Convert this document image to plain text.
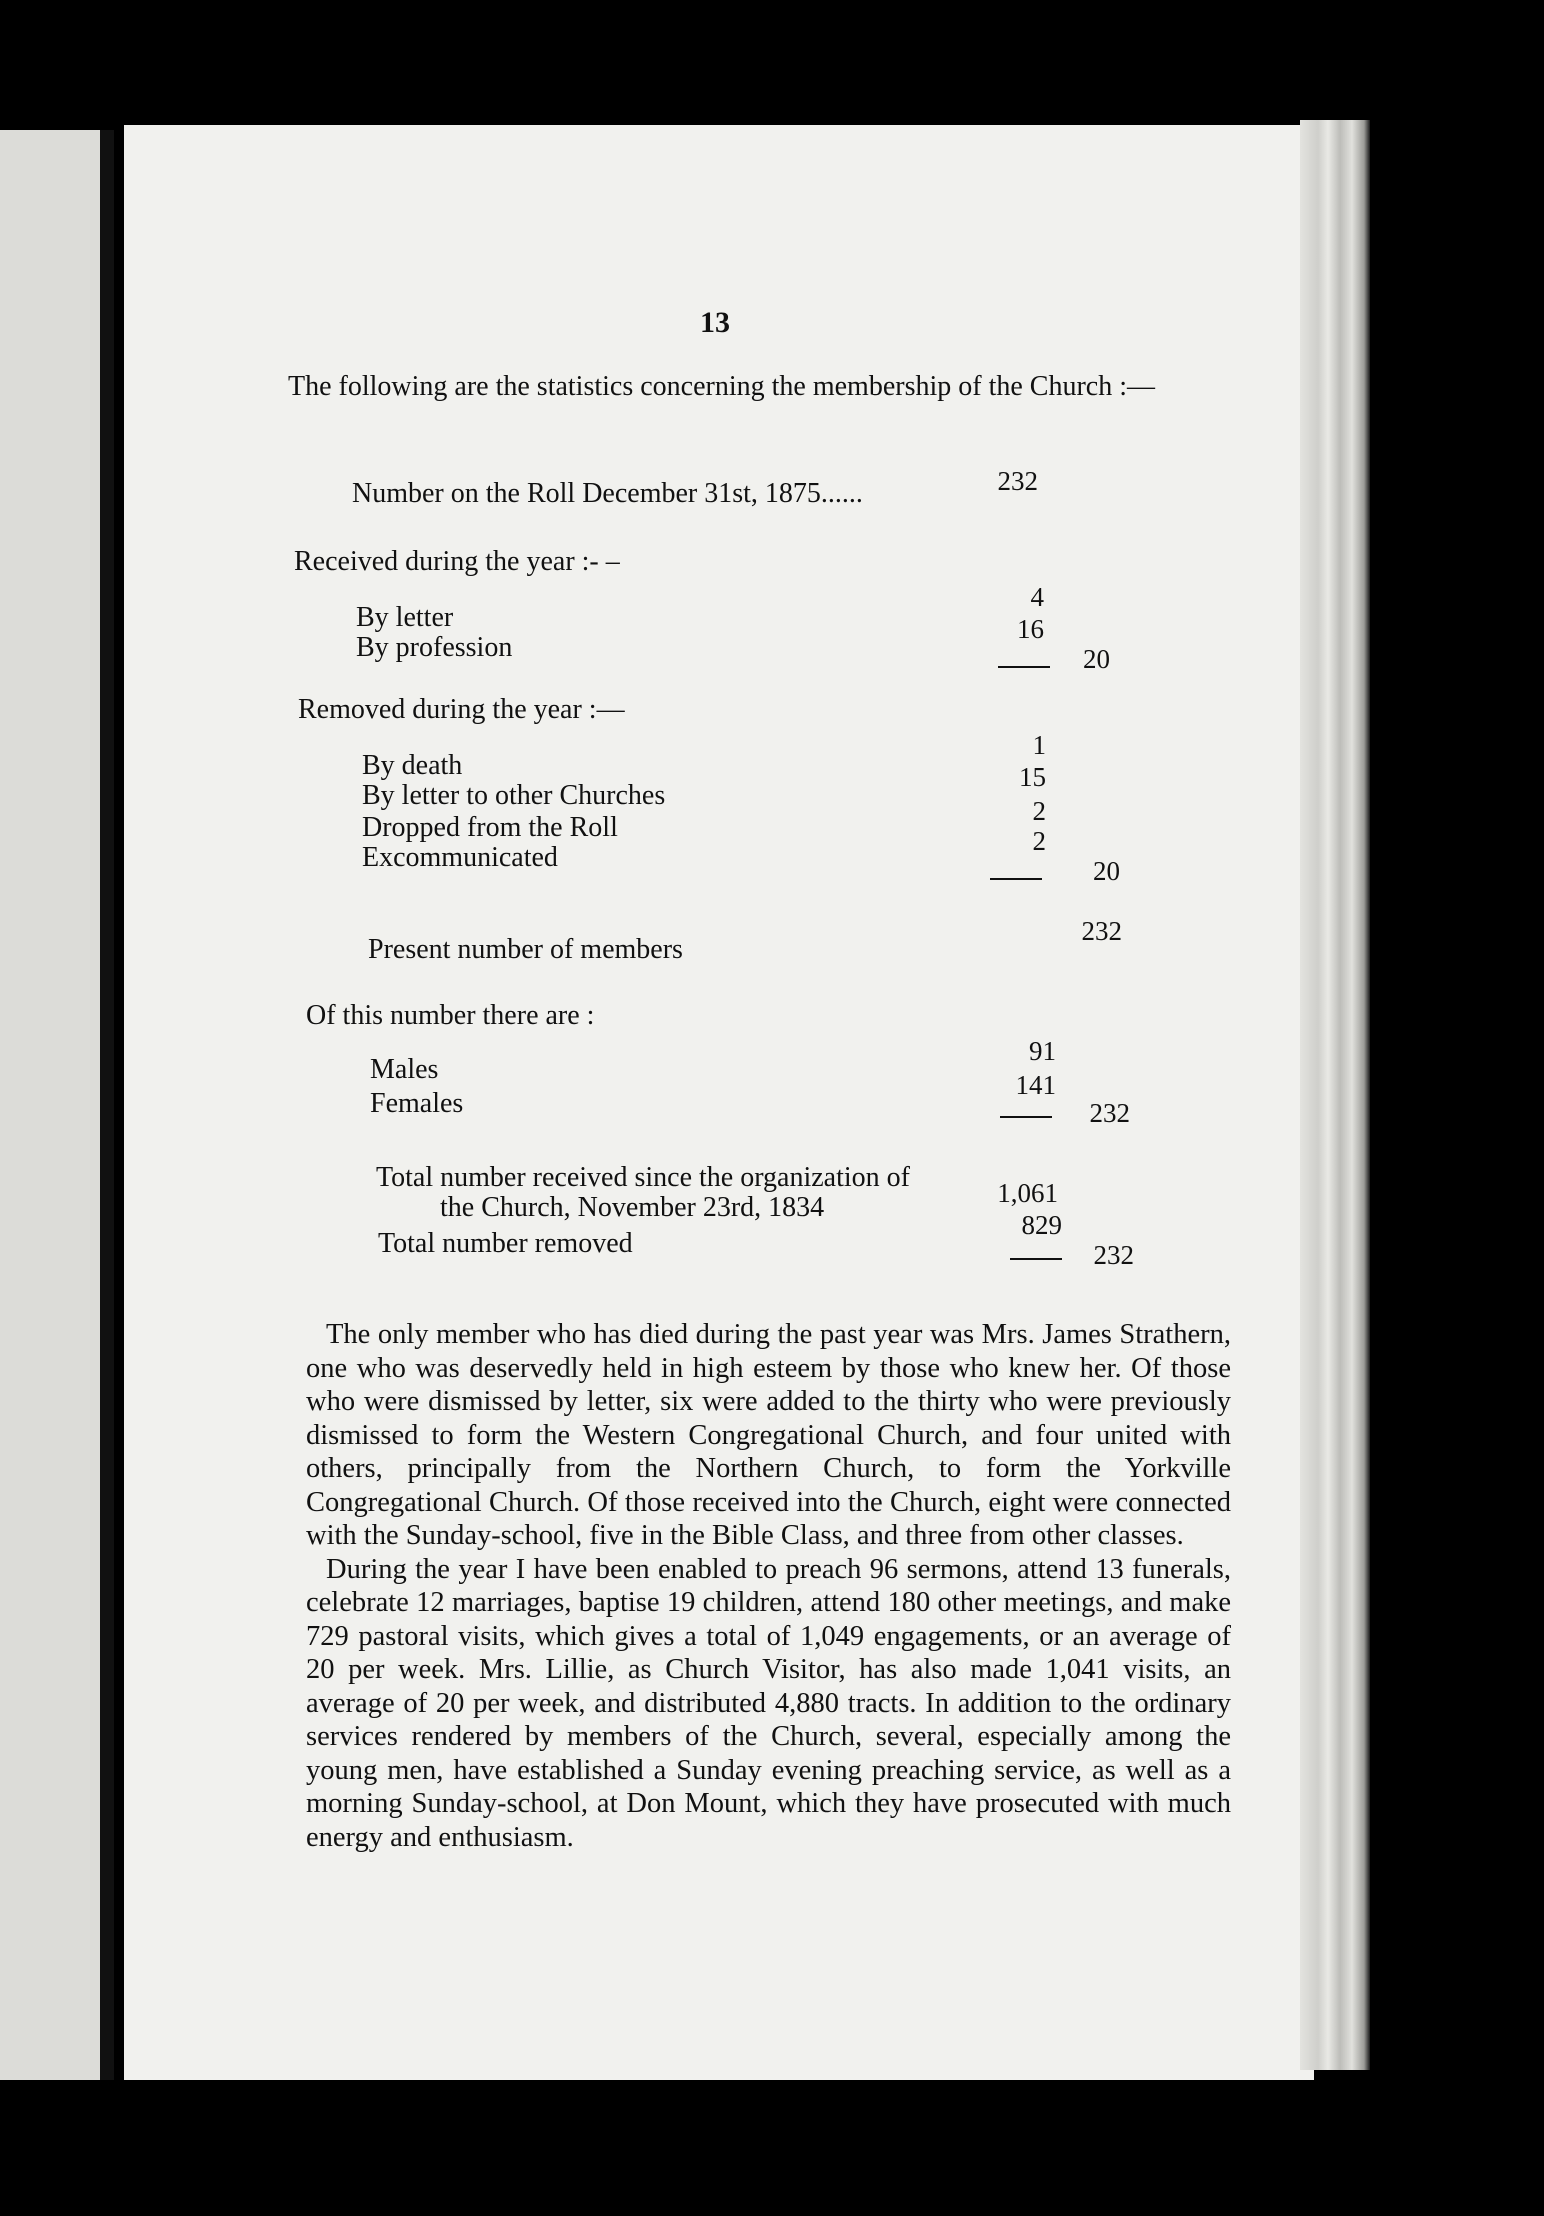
13
The following are the statistics concerning the membership of the Church :—
Number on the Roll December 31st, 1875......	232
Received during the year :- –
By letter
4
By profession
16
20
Removed during the year :—
By death
1
By letter to other Churches
15
Dropped from the Roll
2
Excommunicated
2
20
Present number of members
232
Of this number there are :
Males
91
Females
141
232
Total number received since the organization of
the Church, November 23rd, 1834	1,061
Total number removed
829
232

The only member who has died during the past year was Mrs. James Strathern, one who was deservedly held in high esteem by those who knew her. Of those who were dismissed by letter, six were added to the thirty who were previously dismissed to form the Western Congregational Church, and four united with others, principally from the Northern Church, to form the Yorkville Congregational Church. Of those received into the Church, eight were connected with the Sunday-school, five in the Bible Class, and three from other classes.

During the year I have been enabled to preach 96 sermons, attend 13 funerals, celebrate 12 marriages, baptise 19 children, attend 180 other meetings, and make 729 pastoral visits, which gives a total of 1,049 engagements, or an average of 20 per week. Mrs. Lillie, as Church Visitor, has also made 1,041 visits, an average of 20 per week, and distributed 4,880 tracts. In addition to the ordinary services rendered by members of the Church, several, especially among the young men, have established a Sunday evening preaching service, as well as a morning Sunday-school, at Don Mount, which they have prosecuted with much energy and enthusiasm.
